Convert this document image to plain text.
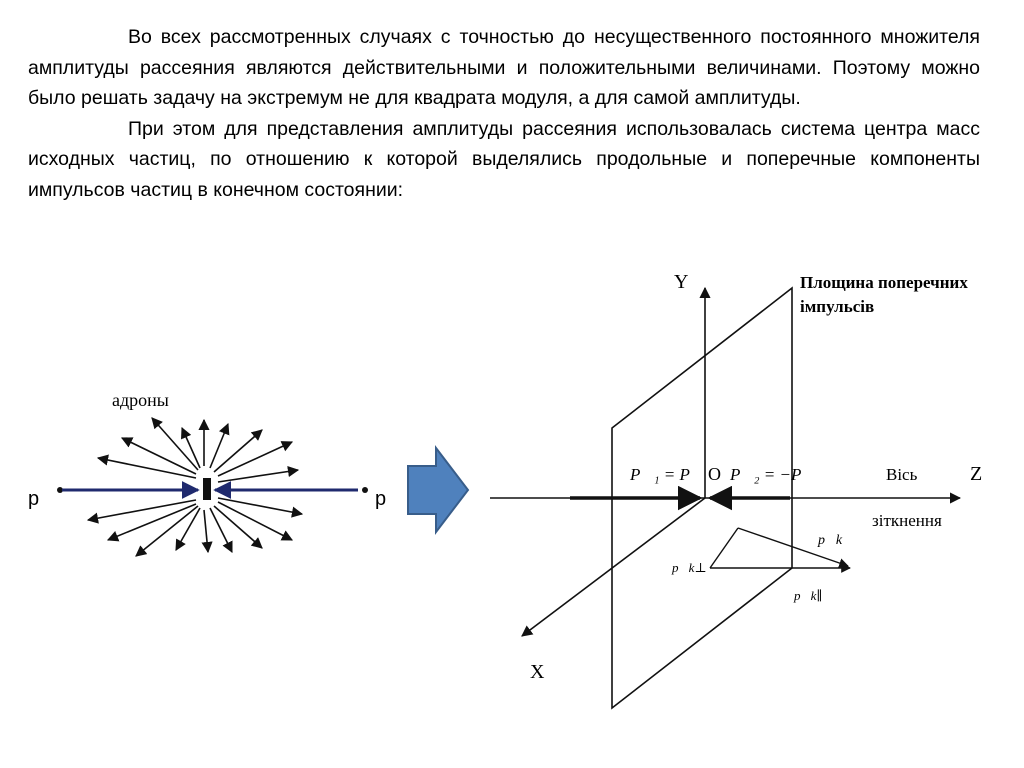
Во всех рассмотренных случаях с точностью до несущественного постоянного множителя амплитуды рассеяния являются действительными и положительными величинами. Поэтому можно было решать задачу на экстремум не для квадрата модуля, а для самой амплитуды.

При этом для представления амплитуды рассеяния использовалась система центра масс исходных частиц, по отношению к которой выделялись продольные и поперечные компоненты импульсов частиц в конечном состоянии:

адроны
p	p
Y
X
Z
O
Площина поперечних
імпульсів
Вісь
зіткнення
P⃗₁ = P⃗ P⃗₂ = −P⃗
p⃗k
p⃗k⊥
p⃗k∥
